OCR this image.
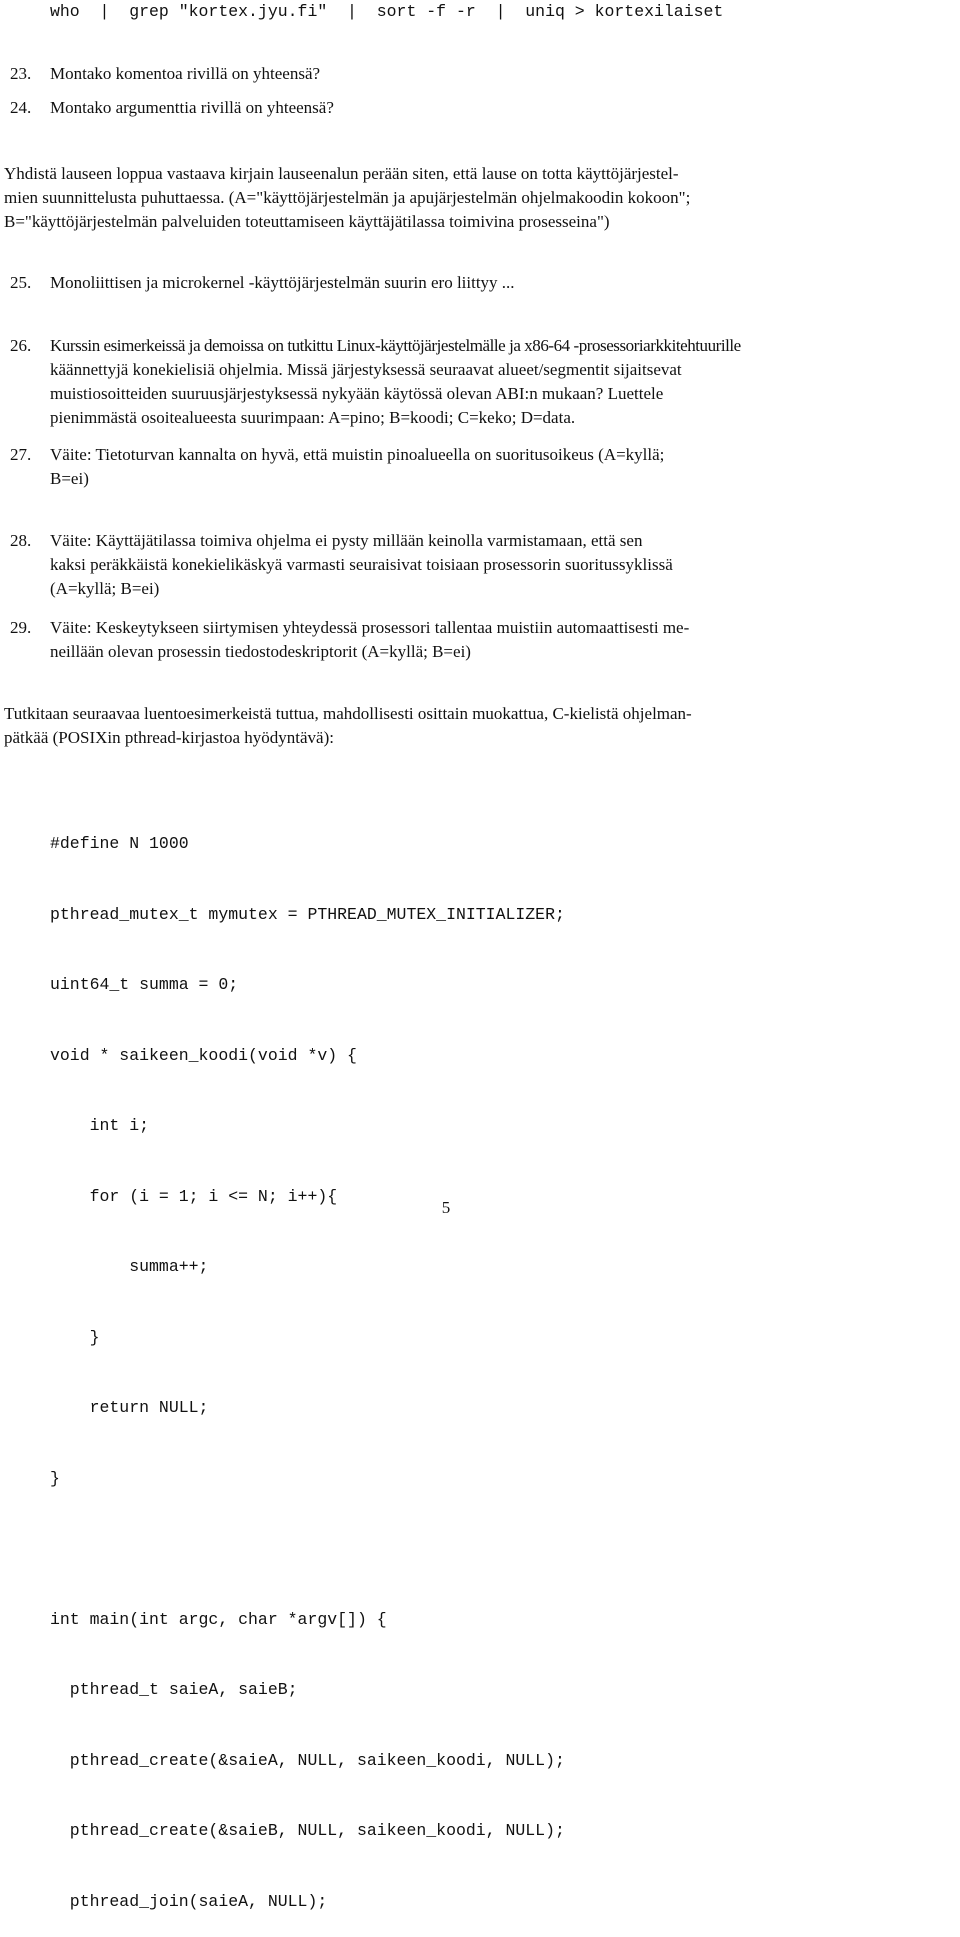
who  |  grep "kortex.jyu.fi"  |  sort -f -r  |  uniq > kortexilaiset
23. Montako komentoa rivillä on yhteensä?
24. Montako argumenttia rivillä on yhteensä?
Yhdistä lauseen loppua vastaava kirjain lauseenalun perään siten, että lause on totta käyttöjärjestel-
mien suunnittelusta puhuttaessa. (A="käyttöjärjestelmän ja apujärjestelmän ohjelmakoodin kokoon";
B="käyttöjärjestelmän palveluiden toteuttamiseen käyttäjätilassa toimivina prosesseina")
25. Monoliittisen ja microkernel -käyttöjärjestelmän suurin ero liittyy ...
26. Kurssin esimerkeissä ja demoissa on tutkittu Linux-käyttöjärjestelmälle ja x86-64 -prosessoriarkkitehtuurille
käännettyjä konekielisiä ohjelmia. Missä järjestyksessä seuraavat alueet/segmentit sijaitsevat
muistiosoitteiden suuruusjärjestyksessä nykyään käytössä olevan ABI:n mukaan? Luettele
pienimmästä osoitealueesta suurimpaan: A=pino; B=koodi; C=keko; D=data.
27. Väite: Tietoturvan kannalta on hyvä, että muistin pinoalueella on suoritusoikeus (A=kyllä;
B=ei)
28. Väite: Käyttäjätilassa toimiva ohjelma ei pysty millään keinolla varmistamaan, että sen
kaksi peräkkäistä konekielikäskyä varmasti seuraisivat toisiaan prosessorin suoritussyklissä
(A=kyllä; B=ei)
29. Väite: Keskeytykseen siirtymisen yhteydessä prosessori tallentaa muistiin automaattisesti me-
neillään olevan prosessin tiedostodeskriptorit (A=kyllä; B=ei)
Tutkitaan seuraavaa luentoesimerkeistä tuttua, mahdollisesti osittain muokattua, C-kielistä ohjelman-
pätkää (POSIXin pthread-kirjastoa hyödyntävä):

#define N 1000

pthread_mutex_t mymutex = PTHREAD_MUTEX_INITIALIZER;

uint64_t summa = 0;

void * saikeen_koodi(void *v) {

int i;

for (i = 1; i <= N; i++){

summa++;

}

return NULL;

}

int main(int argc, char *argv[]) {

pthread_t saieA, saieB;

pthread_create(&saieA, NULL, saikeen_koodi, NULL);

pthread_create(&saieB, NULL, saikeen_koodi, NULL);

pthread_join(saieA, NULL);

5
